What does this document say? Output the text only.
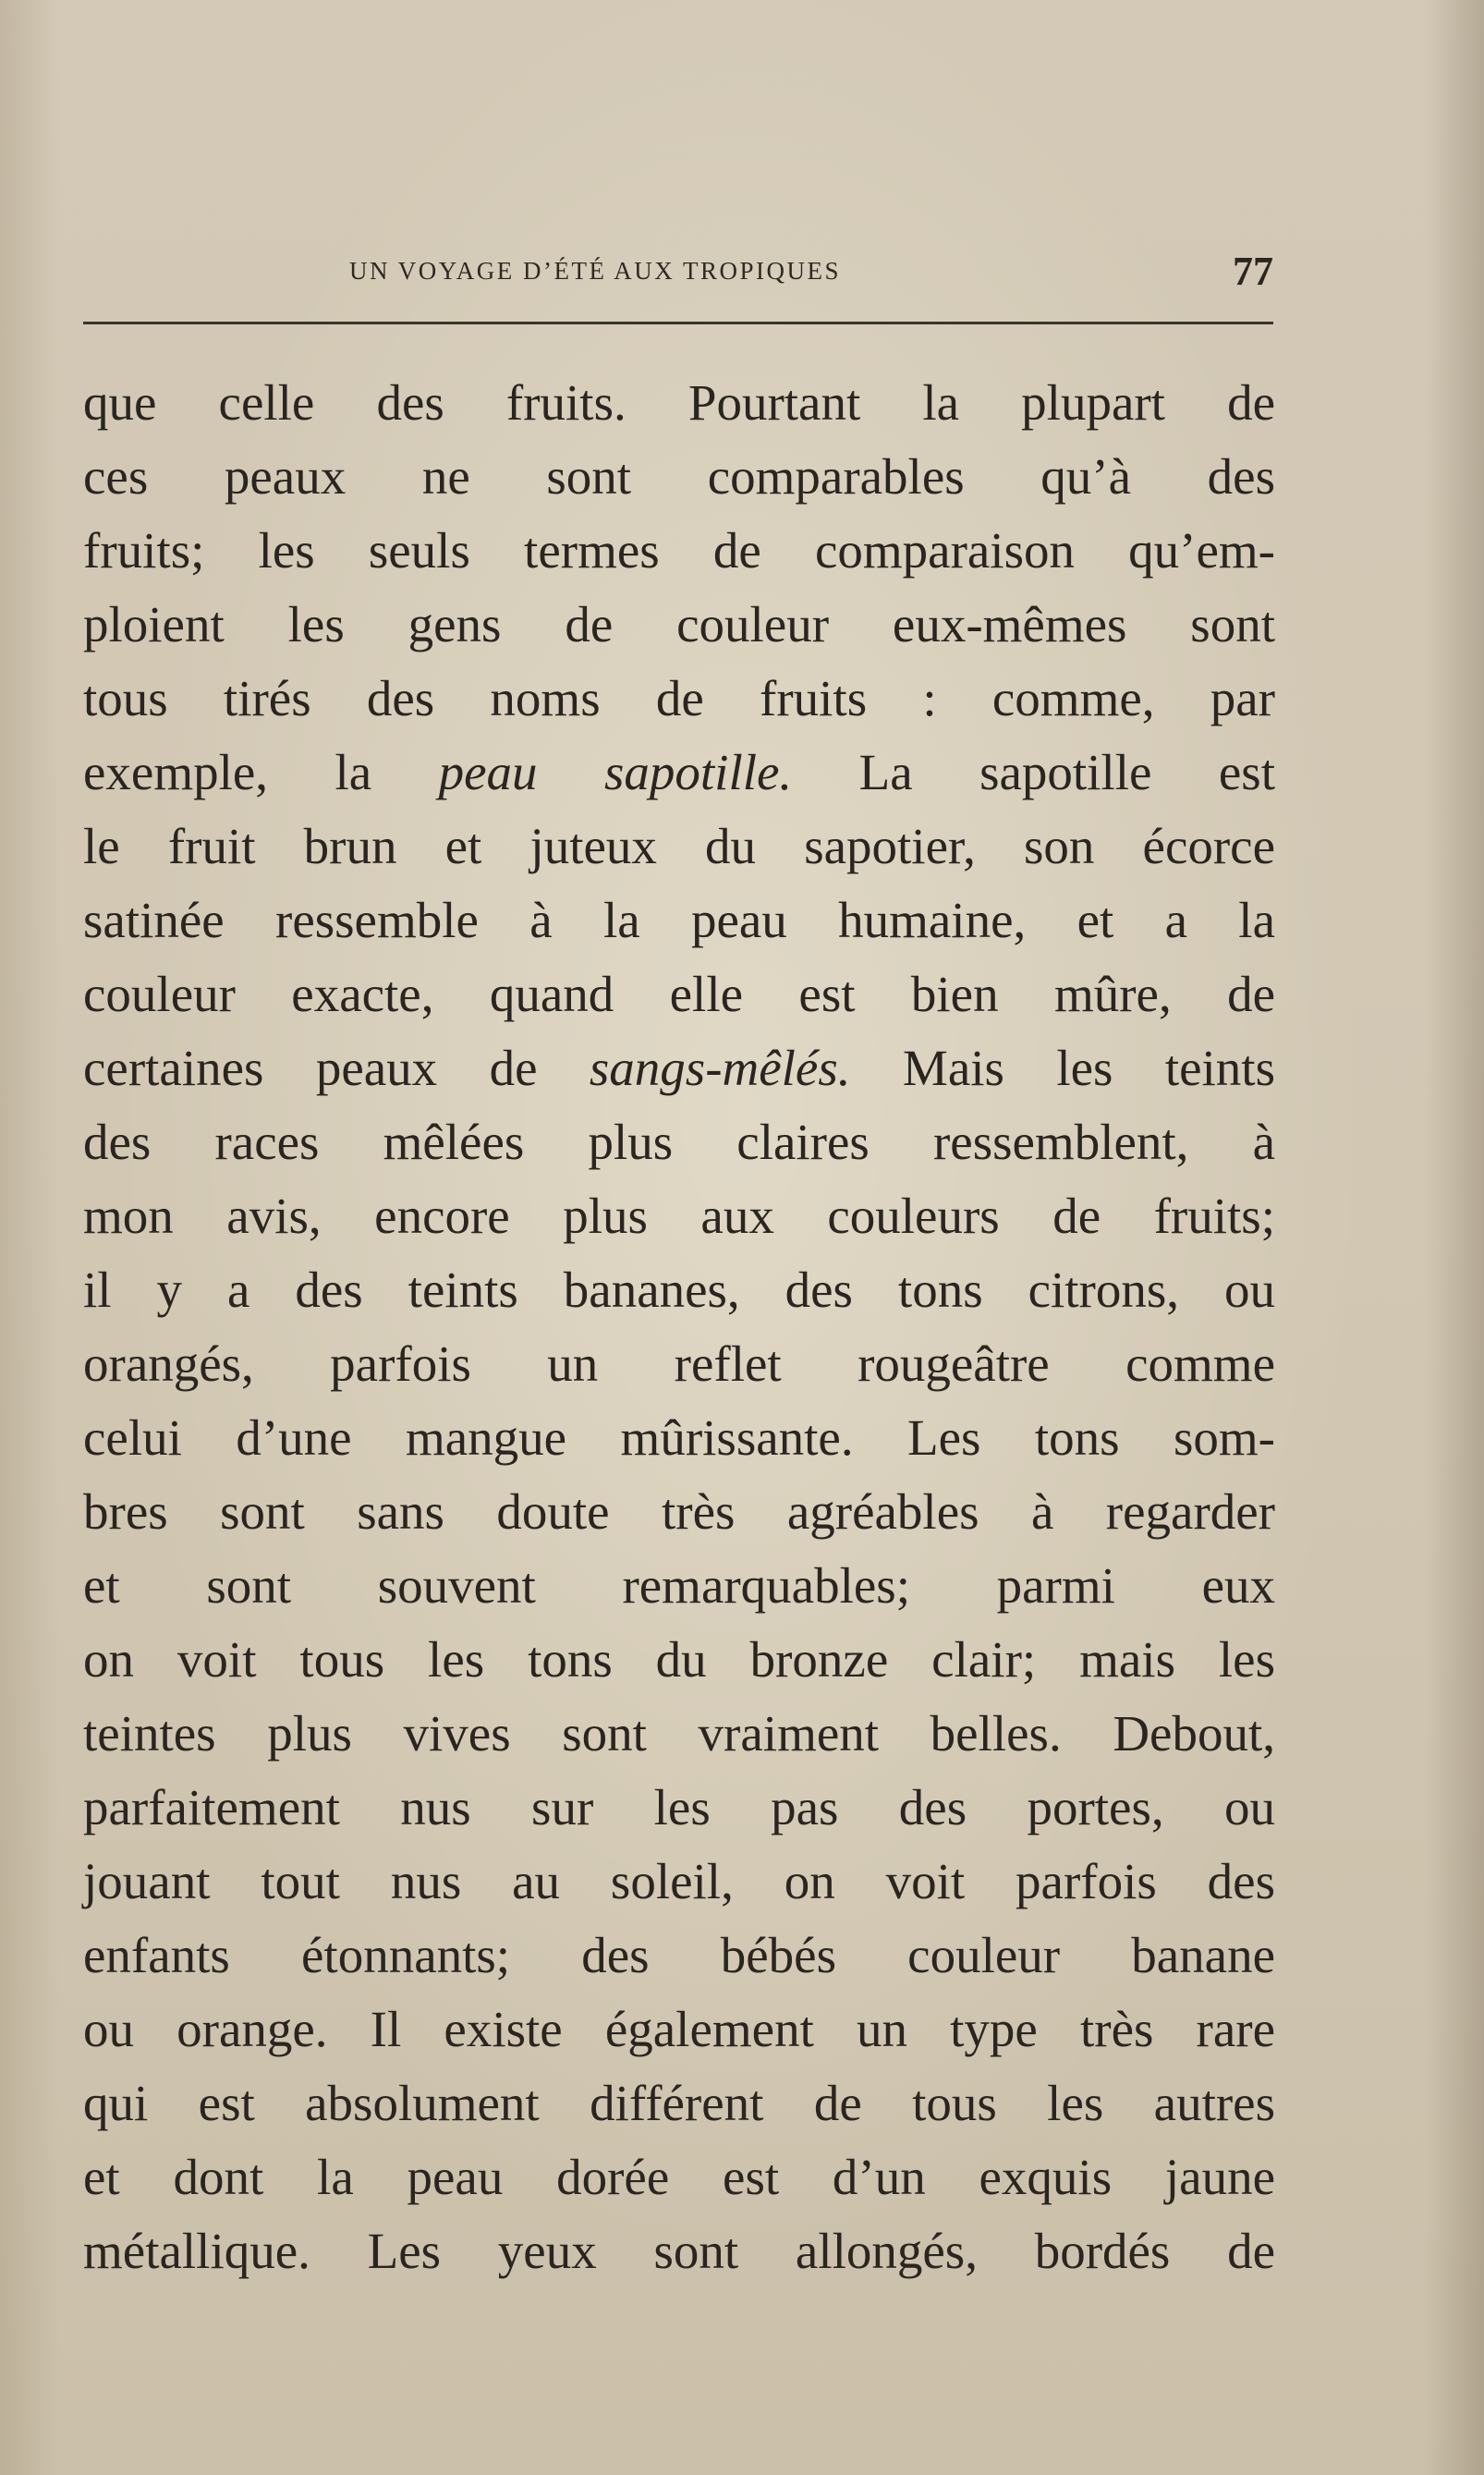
UN VOYAGE D’ÉTÉ AUX TROPIQUES	77
que celle des fruits. Pourtant la plupart de
ces peaux ne sont comparables qu’à des
fruits; les seuls termes de comparaison qu’em-
ploient les gens de couleur eux-mêmes sont
tous tirés des noms de fruits : comme, par
exemple, la peau sapotille. La sapotille est
le fruit brun et juteux du sapotier, son écorce
satinée ressemble à la peau humaine, et a la
couleur exacte, quand elle est bien mûre, de
certaines peaux de sangs-mêlés. Mais les teints
des races mêlées plus claires ressemblent, à
mon avis, encore plus aux couleurs de fruits;
il y a des teints bananes, des tons citrons, ou
orangés, parfois un reflet rougeâtre comme
celui d’une mangue mûrissante. Les tons som-
bres sont sans doute très agréables à regarder
et sont souvent remarquables; parmi eux
on voit tous les tons du bronze clair; mais les
teintes plus vives sont vraiment belles. Debout,
parfaitement nus sur les pas des portes, ou
jouant tout nus au soleil, on voit parfois des
enfants étonnants; des bébés couleur banane
ou orange. Il existe également un type très rare
qui est absolument différent de tous les autres
et dont la peau dorée est d’un exquis jaune
métallique. Les yeux sont allongés, bordés de
